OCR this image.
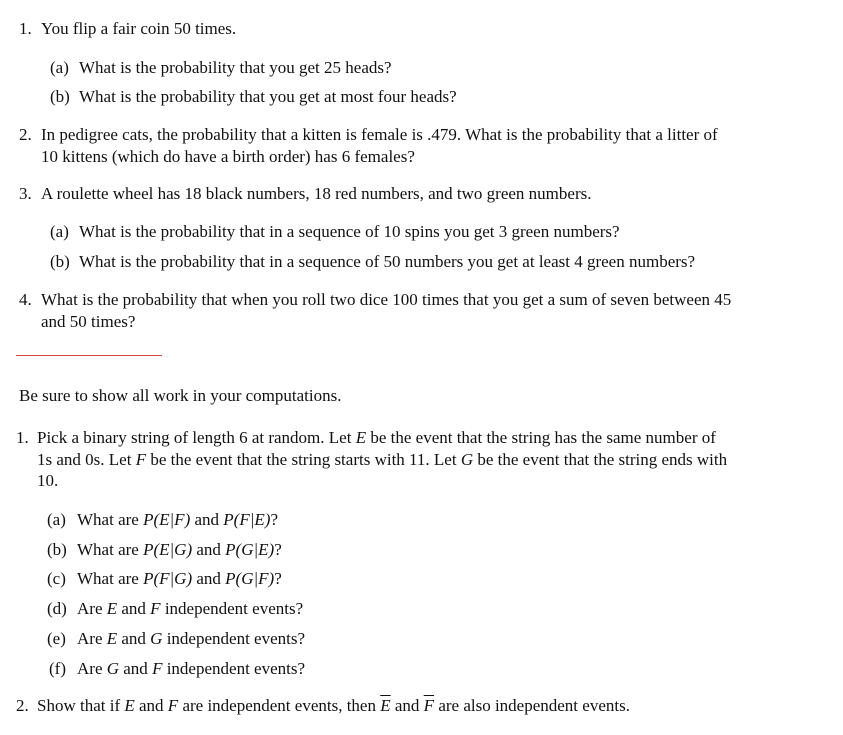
1. You flip a fair coin 50 times.
(a) What is the probability that you get 25 heads?
(b) What is the probability that you get at most four heads?
2. In pedigree cats, the probability that a kitten is female is .479. What is the probability that a litter of
10 kittens (which do have a birth order) has 6 females?
3. A roulette wheel has 18 black numbers, 18 red numbers, and two green numbers.
(a) What is the probability that in a sequence of 10 spins you get 3 green numbers?
(b) What is the probability that in a sequence of 50 numbers you get at least 4 green numbers?
4. What is the probability that when you roll two dice 100 times that you get a sum of seven between 45
and 50 times?
Be sure to show all work in your computations.
1. Pick a binary string of length 6 at random. Let E be the event that the string has the same number of
1s and 0s. Let F be the event that the string starts with 11. Let G be the event that the string ends with
10.
(a) What are P(E|F) and P(F|E)?
(b) What are P(E|G) and P(G|E)?
(c) What are P(F|G) and P(G|F)?
(d) Are E and F independent events?
(e) Are E and G independent events?
(f) Are G and F independent events?
2. Show that if E and F are independent events, then $\overline{E}$ and $\overline{F}$ are also independent events.
